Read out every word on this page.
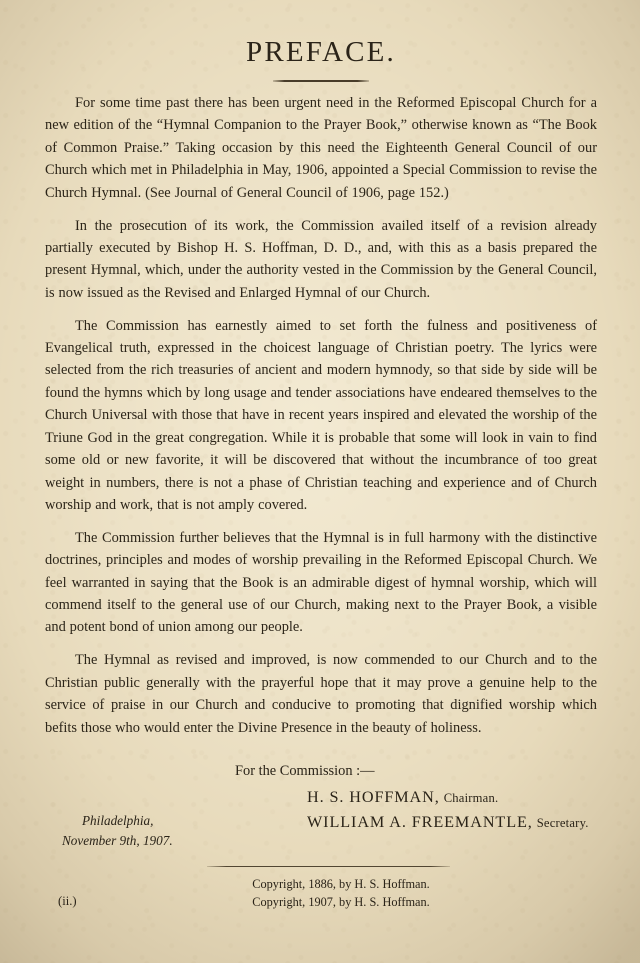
PREFACE.

For some time past there has been urgent need in the Reformed Episcopal Church for a new edition of the “Hymnal Companion to the Prayer Book,” otherwise known as “The Book of Common Praise.” Taking occasion by this need the Eighteenth General Council of our Church which met in Philadelphia in May, 1906, appointed a Special Commission to revise the Church Hymnal. (See Journal of General Council of 1906, page 152.)

In the prosecution of its work, the Commission availed itself of a revision already partially executed by Bishop H. S. Hoffman, D. D., and, with this as a basis prepared the present Hymnal, which, under the authority vested in the Commission by the General Council, is now issued as the Revised and Enlarged Hymnal of our Church.

The Commission has earnestly aimed to set forth the fulness and positiveness of Evangelical truth, expressed in the choicest language of Christian poetry. The lyrics were selected from the rich treasuries of ancient and modern hymnody, so that side by side will be found the hymns which by long usage and tender associations have endeared themselves to the Church Universal with those that have in recent years inspired and elevated the worship of the Triune God in the great congregation. While it is probable that some will look in vain to find some old or new favorite, it will be discovered that without the incumbrance of too great weight in numbers, there is not a phase of Christian teaching and experience and of Church worship and work, that is not amply covered.

The Commission further believes that the Hymnal is in full harmony with the distinctive doctrines, principles and modes of worship prevailing in the Reformed Episcopal Church. We feel warranted in saying that the Book is an admirable digest of hymnal worship, which will commend itself to the general use of our Church, making next to the Prayer Book, a visible and potent bond of union among our people.

The Hymnal as revised and improved, is now commended to our Church and to the Christian public generally with the prayerful hope that it may prove a genuine help to the service of praise in our Church and conducive to promoting that dignified worship which befits those who would enter the Divine Presence in the beauty of holiness.

For the Commission :—
H. S. HOFFMAN, Chairman.
WILLIAM A. FREEMANTLE, Secretary.
Philadelphia,
November 9th, 1907.
Copyright, 1886, by H. S. Hoffman.
Copyright, 1907, by H. S. Hoffman.
(ii.)
